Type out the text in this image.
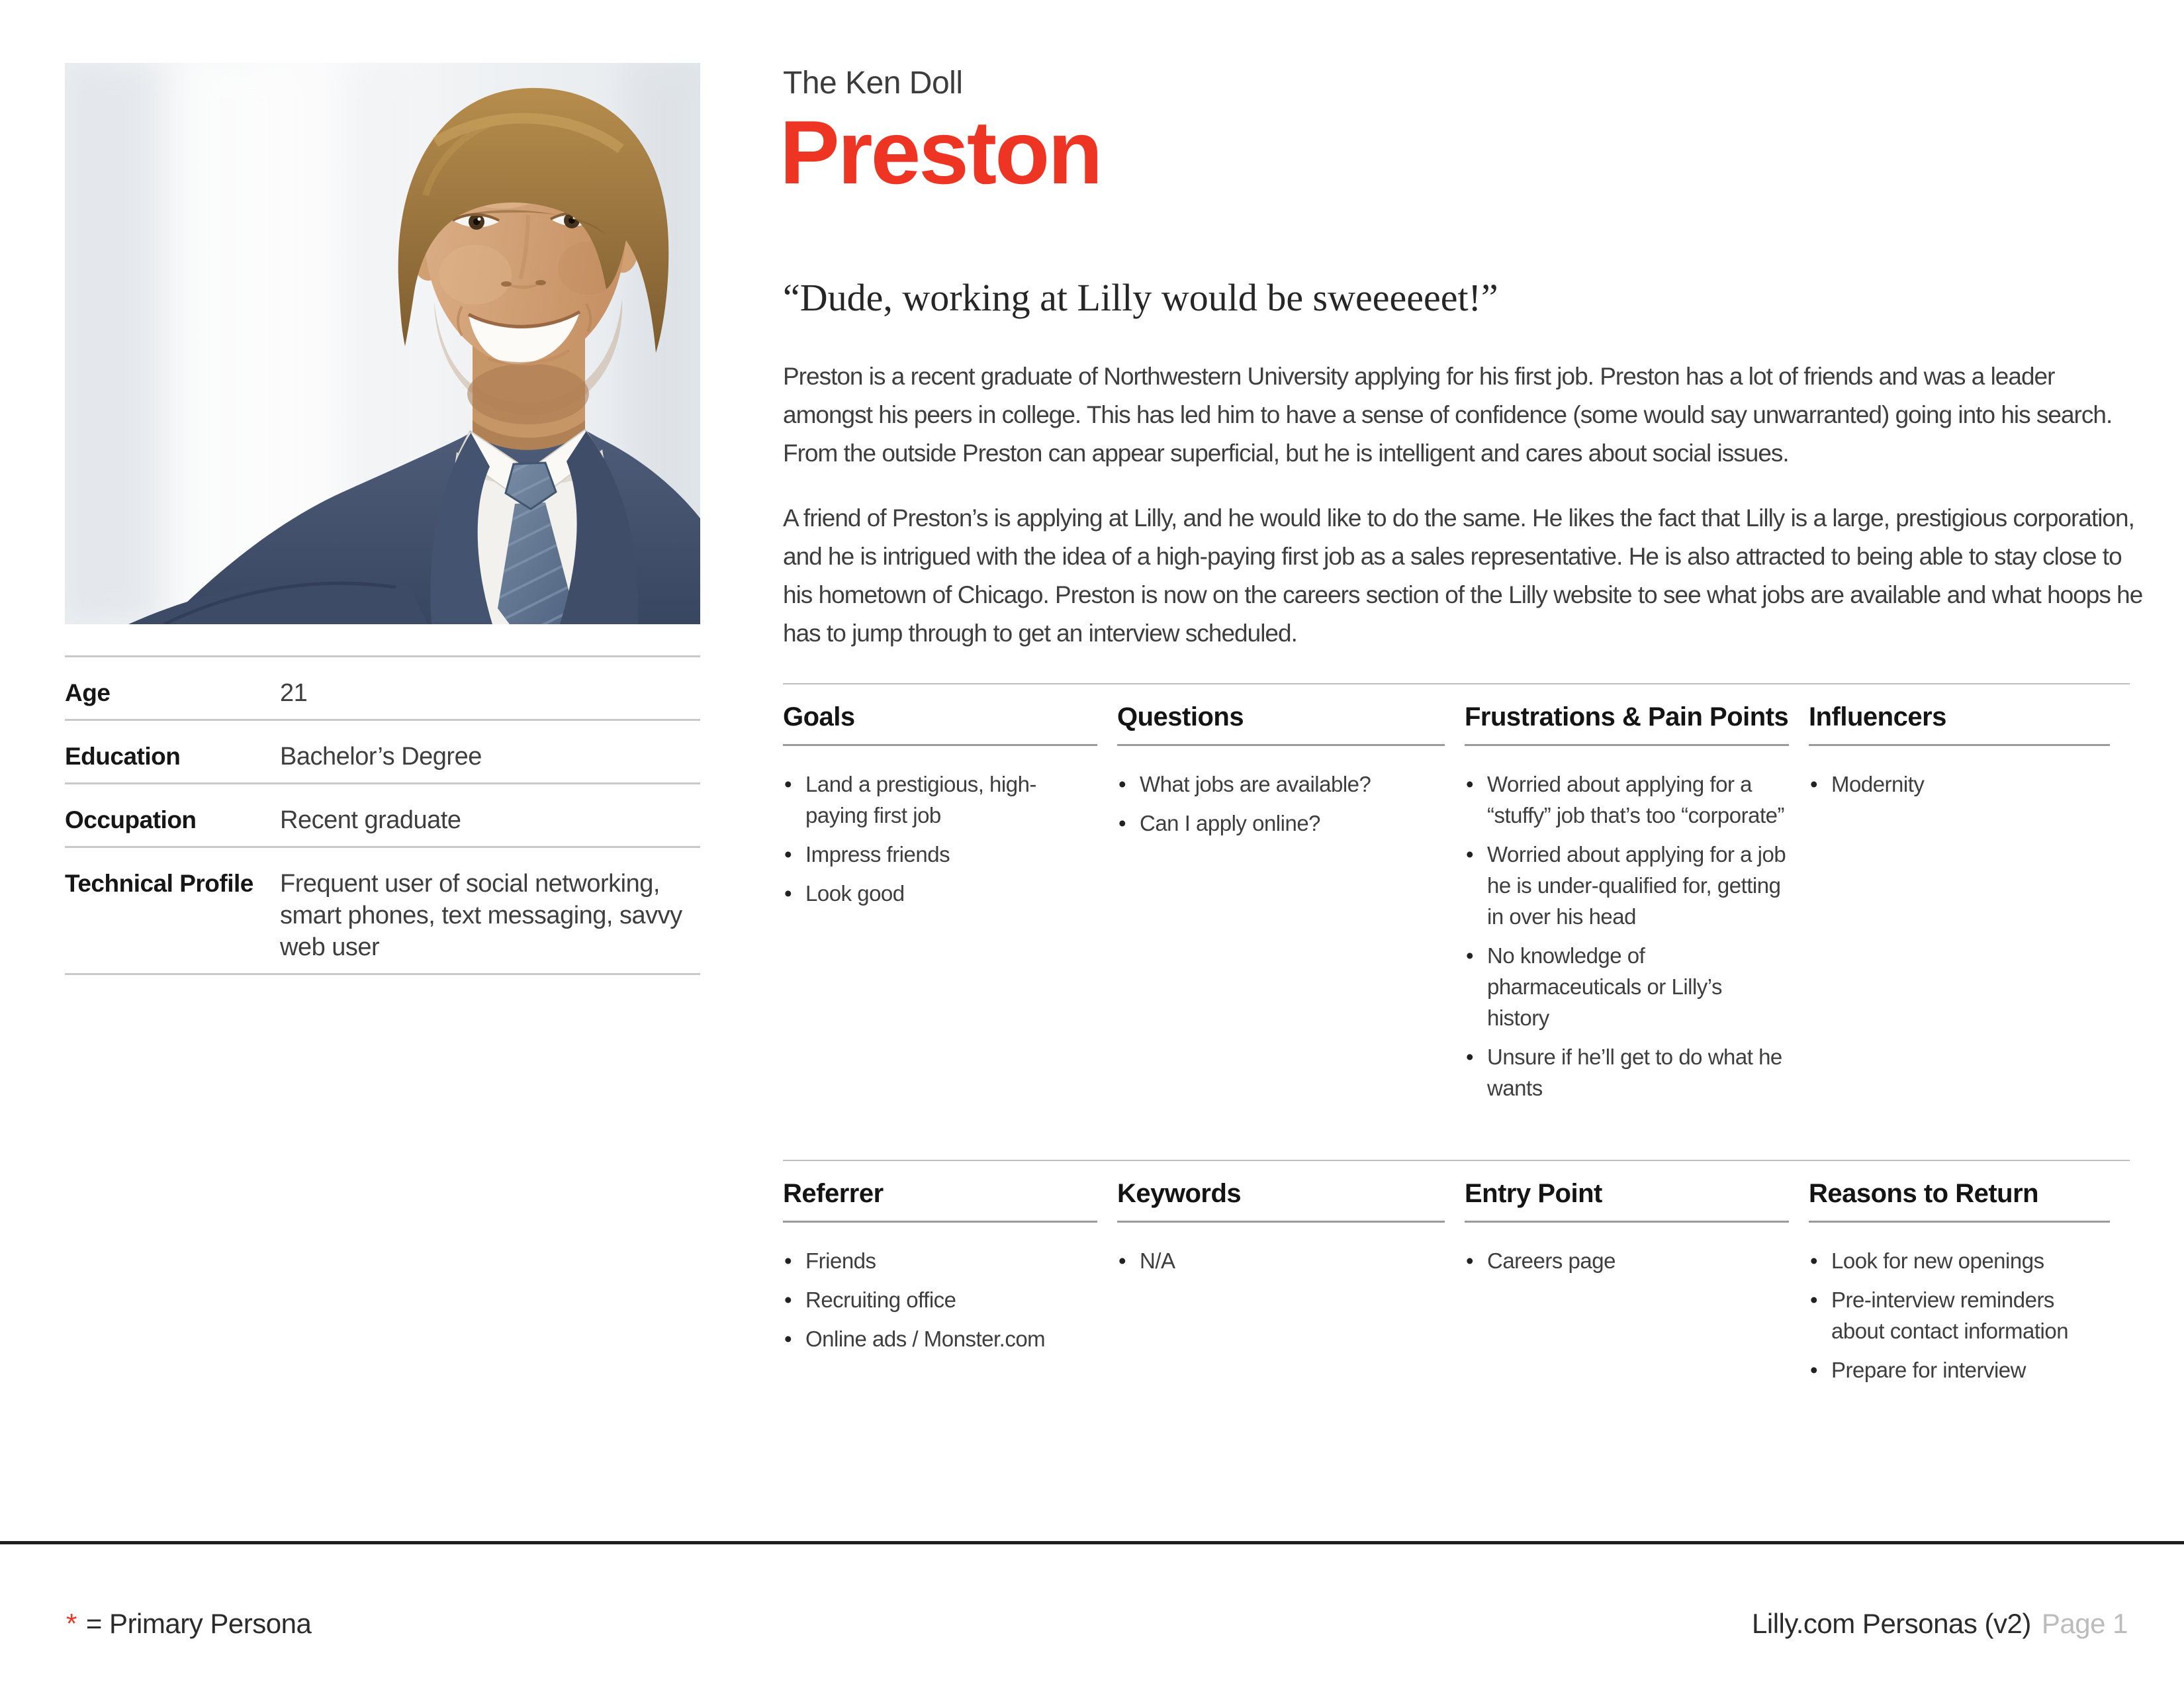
Age	21
Education	Bachelor’s Degree
Occupation	Recent graduate
Technical Profile	Frequent user of social networking, smart phones, text messaging, savvy web user
The Ken Doll
Preston
“Dude, working at Lilly would be sweeeeeet!”

Preston is a recent graduate of Northwestern University applying for his first job. Preston has a lot of friends and was a leader amongst his peers in college. This has led him to have a sense of confidence (some would say unwarranted) going into his search. From the outside Preston can appear superficial, but he is intelligent and cares about social issues.

A friend of Preston’s is applying at Lilly, and he would like to do the same. He likes the fact that Lilly is a large, prestigious corporation, and he is intrigued with the idea of a high-paying first job as a sales representative. He is also attracted to being able to stay close to his hometown of Chicago. Preston is now on the careers section of the Lilly website to see what jobs are available and what hoops he has to jump through to get an interview scheduled.

Goals
• Land a prestigious, high-paying first job
• Impress friends
• Look good
Questions
• What jobs are available?
• Can I apply online?
Frustrations & Pain Points
• Worried about applying for a “stuffy” job that’s too “corporate”
• Worried about applying for a job he is under-qualified for, getting in over his head
• No knowledge of pharmaceuticals or Lilly’s history
• Unsure if he’ll get to do what he wants
Influencers
• Modernity
Referrer
• Friends
• Recruiting office
• Online ads / Monster.com
Keywords
• N/A
Entry Point
• Careers page
Reasons to Return
• Look for new openings
• Pre-interview reminders about contact information
• Prepare for interview
* = Primary Persona	Lilly.com Personas (v2) Page 1
